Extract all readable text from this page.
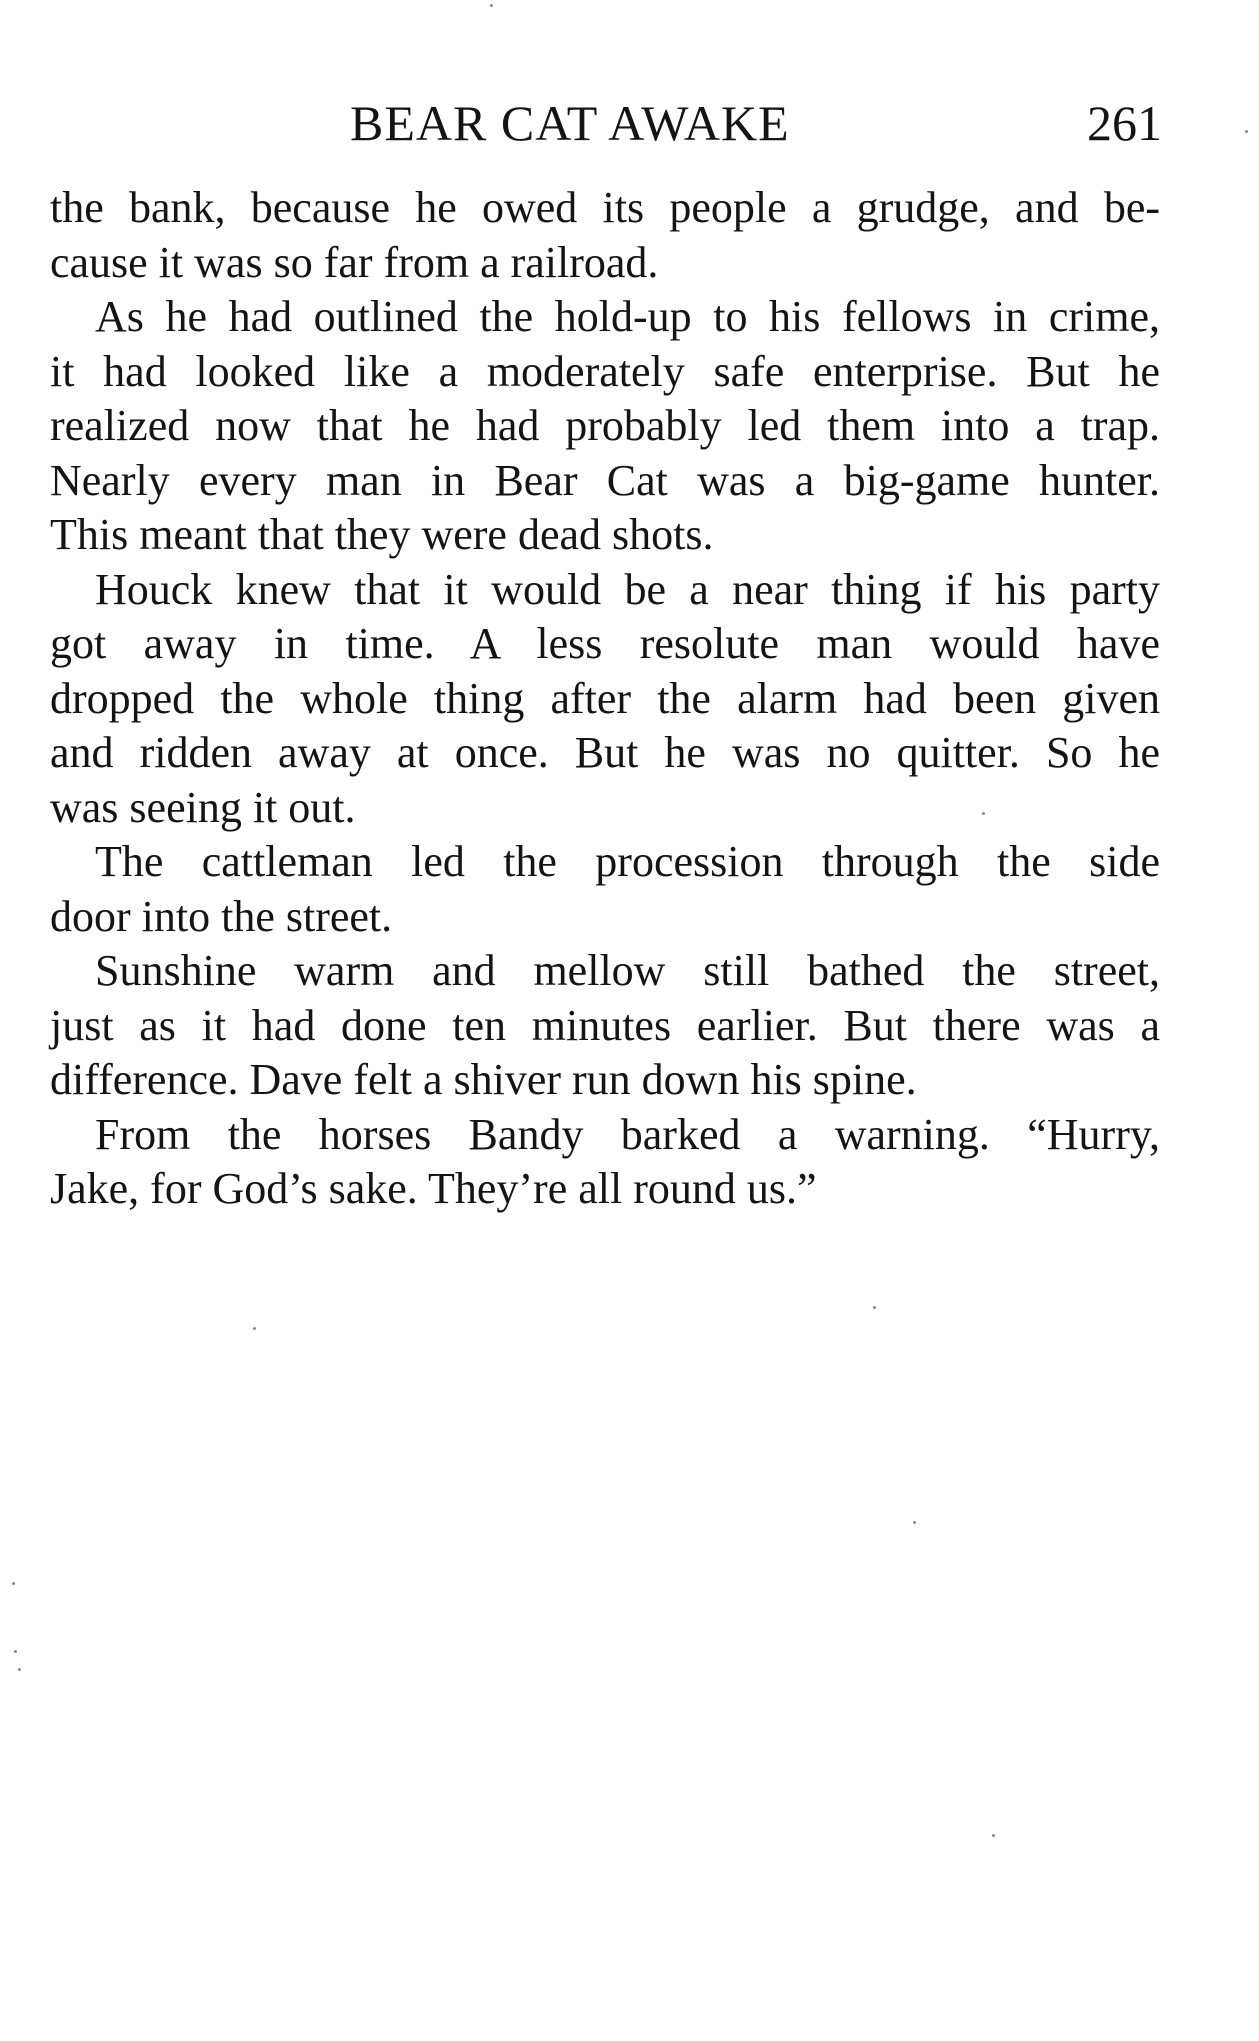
BEAR CAT AWAKE	261
the bank, because he owed its people a grudge, and be-
cause it was so far from a railroad.
As he had outlined the hold-up to his fellows in crime,
it had looked like a moderately safe enterprise. But he
realized now that he had probably led them into a trap.
Nearly every man in Bear Cat was a big-game hunter.
This meant that they were dead shots.
Houck knew that it would be a near thing if his party
got away in time. A less resolute man would have
dropped the whole thing after the alarm had been given
and ridden away at once. But he was no quitter. So he
was seeing it out.
The cattleman led the procession through the side
door into the street.
Sunshine warm and mellow still bathed the street,
just as it had done ten minutes earlier. But there was a
difference. Dave felt a shiver run down his spine.
From the horses Bandy barked a warning. “Hurry,
Jake, for God’s sake. They’re all round us.”
